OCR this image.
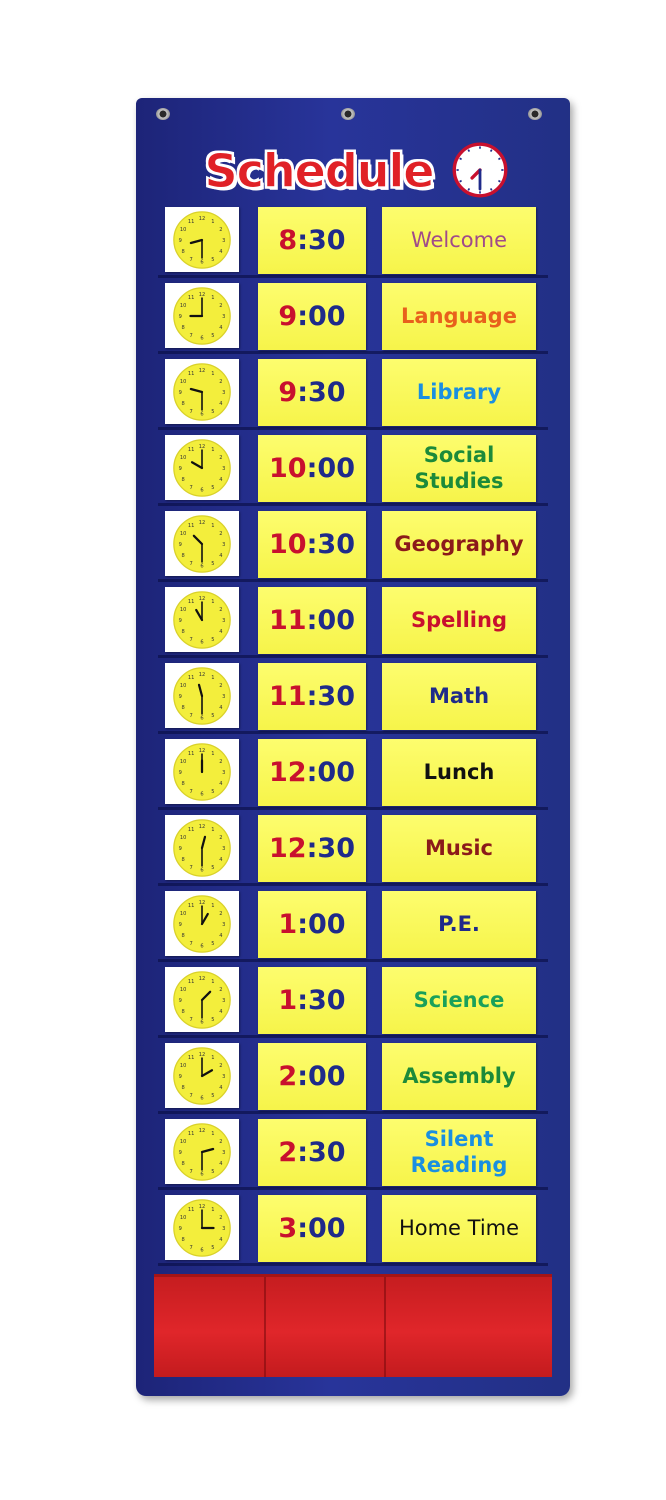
Schedule
1
2
3
4
5
6
7
8
9
10
11 12
8 : 30	Welcome
1
2
3
4
5
6
7
8
9
10
11 12
9 : 00	Language
1
2
3
4
5
6
7
8
9
10
11 12
9 : 30	Library
1
2
3
4
5
6
7
8
9
10
11 12
10 : 00	Social Studies
1
2
3
4
5
6
7
8
9
10
11 12
10 : 30 Geography
1
2
3
4
5
6
7
8
9
10
11 12
11 : 00	Spelling
1
2
3
4
5
6
7
8
9
10
11 12
11 : 30	Math
1
2
3
4
5
6
7
8
9
10
11 12
12 : 00	Lunch
1
2
3
4
5
6
7
8
9
10
11 12
12 : 30	Music
1
2
3
4
5
6
7
8
9
10
11 12
1 : 00	P.E.
1
2
3
4
5
6
7
8
9
10
11 12
1 : 30	Science
1
2
3
4
5
6
7
8
9
10
11 12
2 : 00	Assembly
1
2
3
4
5
6
7
8
9
10
11 12
2 : 30	Silent Reading
1
2
3
4
5
6
7
8
9
10
11 12
3 : 00	Home Time
